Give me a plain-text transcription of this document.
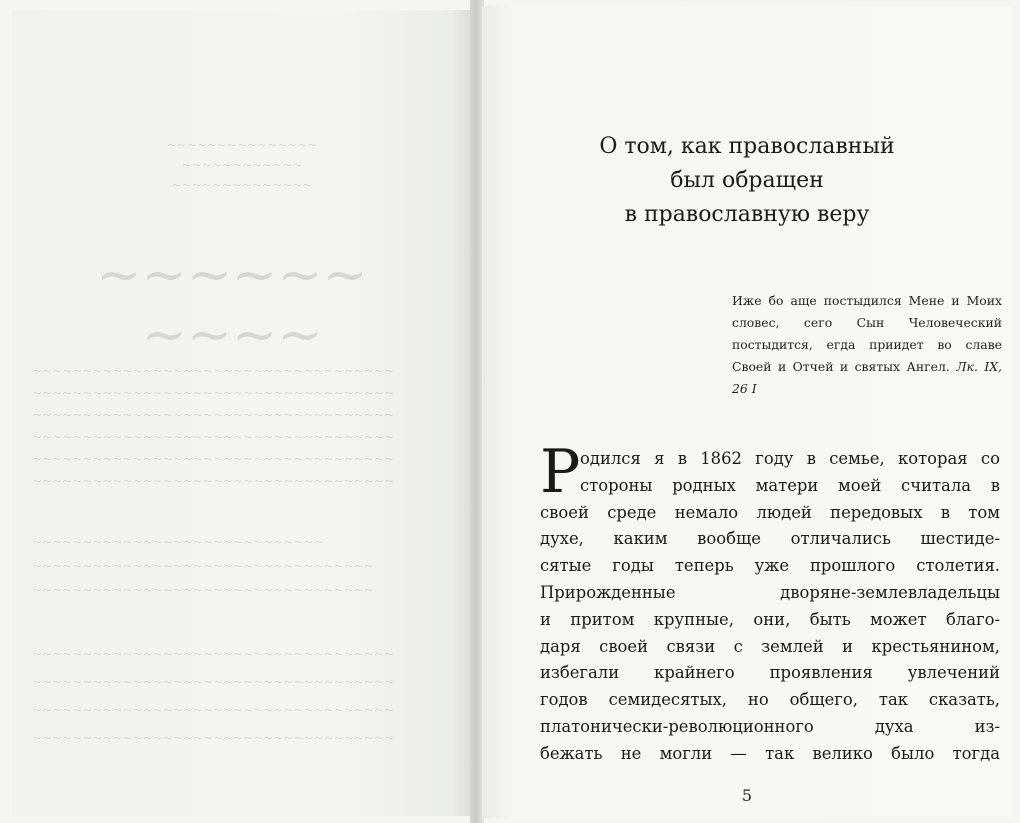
~~~~~~~~~~~~~~~
~~~~~~~~~~~~
~~~~~~~~~~~~~~
~~~~~~
~~~~
~~~~~~~~~~~~~~~~~~~~~~~~~~~~~~~~~~~~
~~~~~~~~~~~~~~~~~~~~~~~~~~~~~~~~~~~~
~~~~~~~~~~~~~~~~~~~~~~~~~~~~~~~~~~~~
~~~~~~~~~~~~~~~~~~~~~~~~~~~~~~~~~~~~
~~~~~~~~~~~~~~~~~~~~~~~~~~~~~~~~~~~~
~~~~~~~~~~~~~~~~~~~~~~~~~~~~~~~~~~~~
~~~~~~~~~~~~~~~~~~~~~~~~~~~~~
~~~~~~~~~~~~~~~~~~~~~~~~~~~~~~~~~~
~~~~~~~~~~~~~~~~~~~~~~~~~~~~~~~~~~
~~~~~~~~~~~~~~~~~~~~~~~~~~~~~~~~~~~~
~~~~~~~~~~~~~~~~~~~~~~~~~~~~~~~~~~~~
~~~~~~~~~~~~~~~~~~~~~~~~~~~~~~~~~~~~
~~~~~~~~~~~~~~~~~~~~~~~~~~~~~~~~~~~~
О том, как православный
был обращен
в православную веру

Иже бо аще постыдился Мене и Моих словес, сего Сын Человеческий постыдится, егда приидет во славе Своей и Отчей и святых Ангел. Лк. IX, 26 I

Р одился я в 1862 году в семье, которая со
стороны родных матери моей считала в
своей среде немало людей передовых в том
духе, каким вообще отличались шестиде-
сятые годы теперь уже прошлого столетия.
Прирожденные дворяне-землевладельцы
и притом крупные, они, быть может благо-
даря своей связи с землей и крестьянином,
избегали крайнего проявления увлечений
годов семидесятых, но общего, так сказать,
платонически-революционного духа из-
бежать не могли — так велико было тогда
5
